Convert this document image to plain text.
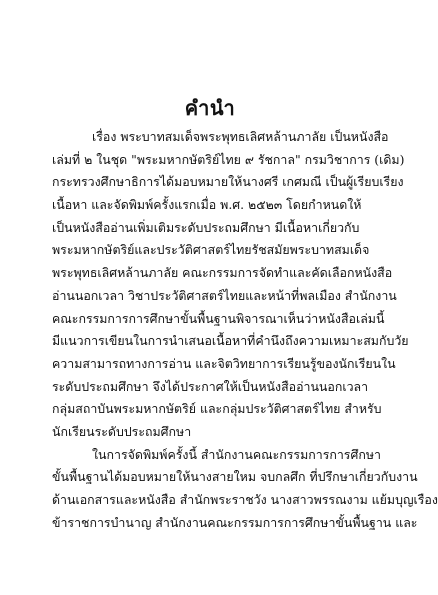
คำนำ
เรื่อง พระบาทสมเด็จพระพุทธเลิศหล้านภาลัย เป็นหนังสือ
เล่มที่ ๒ ในชุด "พระมหากษัตริย์ไทย ๙ รัชกาล" กรมวิชาการ (เดิม)
กระทรวงศึกษาธิการได้มอบหมายให้นางศรี เกศมณี เป็นผู้เรียบเรียง
เนื้อหา และจัดพิมพ์ครั้งแรกเมื่อ พ.ศ. ๒๕๒๓ โดยกำหนดให้
เป็นหนังสืออ่านเพิ่มเติมระดับประถมศึกษา มีเนื้อหาเกี่ยวกับ
พระมหากษัตริย์และประวัติศาสตร์ไทยรัชสมัยพระบาทสมเด็จ
พระพุทธเลิศหล้านภาลัย คณะกรรมการจัดทำและคัดเลือกหนังสือ
อ่านนอกเวลา วิชาประวัติศาสตร์ไทยและหน้าที่พลเมือง สำนักงาน
คณะกรรมการการศึกษาขั้นพื้นฐานพิจารณาเห็นว่าหนังสือเล่มนี้
มีแนวการเขียนในการนำเสนอเนื้อหาที่คำนึงถึงความเหมาะสมกับวัย
ความสามารถทางการอ่าน และจิตวิทยาการเรียนรู้ของนักเรียนใน
ระดับประถมศึกษา จึงได้ประกาศให้เป็นหนังสืออ่านนอกเวลา
กลุ่มสถาบันพระมหากษัตริย์ และกลุ่มประวัติศาสตร์ไทย สำหรับ
นักเรียนระดับประถมศึกษา
ในการจัดพิมพ์ครั้งนี้ สำนักงานคณะกรรมการการศึกษา
ขั้นพื้นฐานได้มอบหมายให้นางสายใหม จบกลศึก ที่ปรึกษาเกี่ยวกับงาน
ด้านเอกสารและหนังสือ สำนักพระราชวัง นางสาวพรรณงาม แย้มบุญเรือง
ข้าราชการบำนาญ สำนักงานคณะกรรมการการศึกษาขั้นพื้นฐาน และ
